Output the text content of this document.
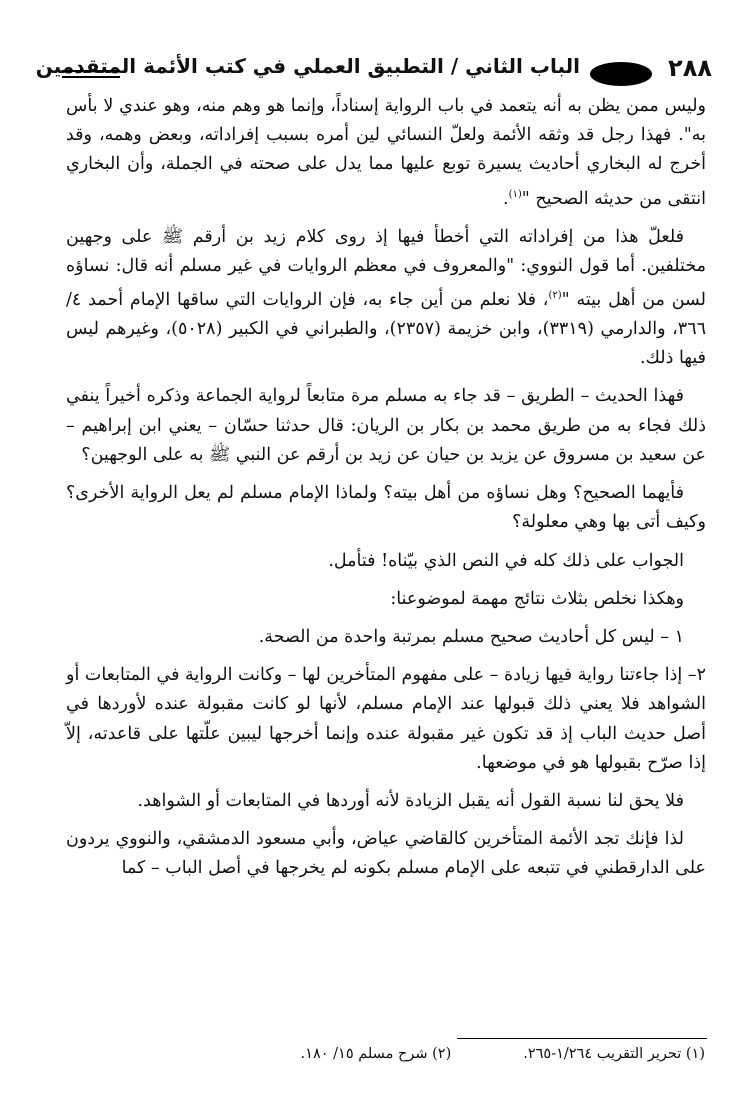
٢٨٨
الباب الثاني / التطبيق العملي في كتب الأئمة المتقدمين

وليس ممن يظن به أنه يتعمد في باب الرواية إسناداً، وإنما هو وهم منه، وهو عندي لا بأس به". فهذا رجل قد وثقه الأئمة ولعلّ النسائي لين أمره بسبب إفراداته، وبعض وهمه، وقد أخرج له البخاري أحاديث يسيرة توبع عليها مما يدل على صحته في الجملة، وأن البخاري انتقى من حديثه الصحيح "$^{(١)}$.

فلعلّ هذا من إفراداته التي أخطأ فيها إذ روى كلام زيد بن أرقم ﷺ على وجهين مختلفين. أما قول النووي: "والمعروف في معظم الروايات في غير مسلم أنه قال: نساؤه لسن من أهل بيته "$^{(٢)}$، فلا نعلم من أين جاء به، فإن الروايات التي ساقها الإمام أحمد ٤/ ٣٦٦، والدارمي (٣٣١٩)، وابن خزيمة (٢٣٥٧)، والطبراني في الكبير (٥٠٢٨)، وغيرهم ليس فيها ذلك.

فهذا الحديث – الطريق – قد جاء به مسلم مرة متابعاً لرواية الجماعة وذكره أخيراً ينفي ذلك فجاء به من طريق محمد بن بكار بن الريان: قال حدثنا حسّان – يعني ابن إبراهيم – عن سعيد بن مسروق عن يزيد بن حيان عن زيد بن أرقم عن النبي ﷺ به على الوجهين؟

فأيهما الصحيح؟ وهل نساؤه من أهل بيته؟ ولماذا الإمام مسلم لم يعل الرواية الأخرى؟ وكيف أتى بها وهي معلولة؟

الجواب على ذلك كله في النص الذي بيّناه! فتأمل.

وهكذا نخلص بثلاث نتائج مهمة لموضوعنا:

١ – ليس كل أحاديث صحيح مسلم بمرتبة واحدة من الصحة.

٢– إذا جاءتنا رواية فيها زيادة – على مفهوم المتأخرين لها – وكانت الرواية في المتابعات أو الشواهد فلا يعني ذلك قبولها عند الإمام مسلم، لأنها لو كانت مقبولة عنده لأوردها في أصل حديث الباب إذ قد تكون غير مقبولة عنده وإنما أخرجها ليبين علّتها على قاعدته، إلاّ إذا صرّح بقبولها هو في موضعها.

فلا يحق لنا نسبة القول أنه يقبل الزيادة لأنه أوردها في المتابعات أو الشواهد.

لذا فإنك تجد الأئمة المتأخرين كالقاضي عياض، وأبي مسعود الدمشقي، والنووي يردون على الدارقطني في تتبعه على الإمام مسلم بكونه لم يخرجها في أصل الباب – كما

(١) تحرير التقريب ١/٢٦٤-٢٦٥.(٢) شرح مسلم ١٥/ ١٨٠.
